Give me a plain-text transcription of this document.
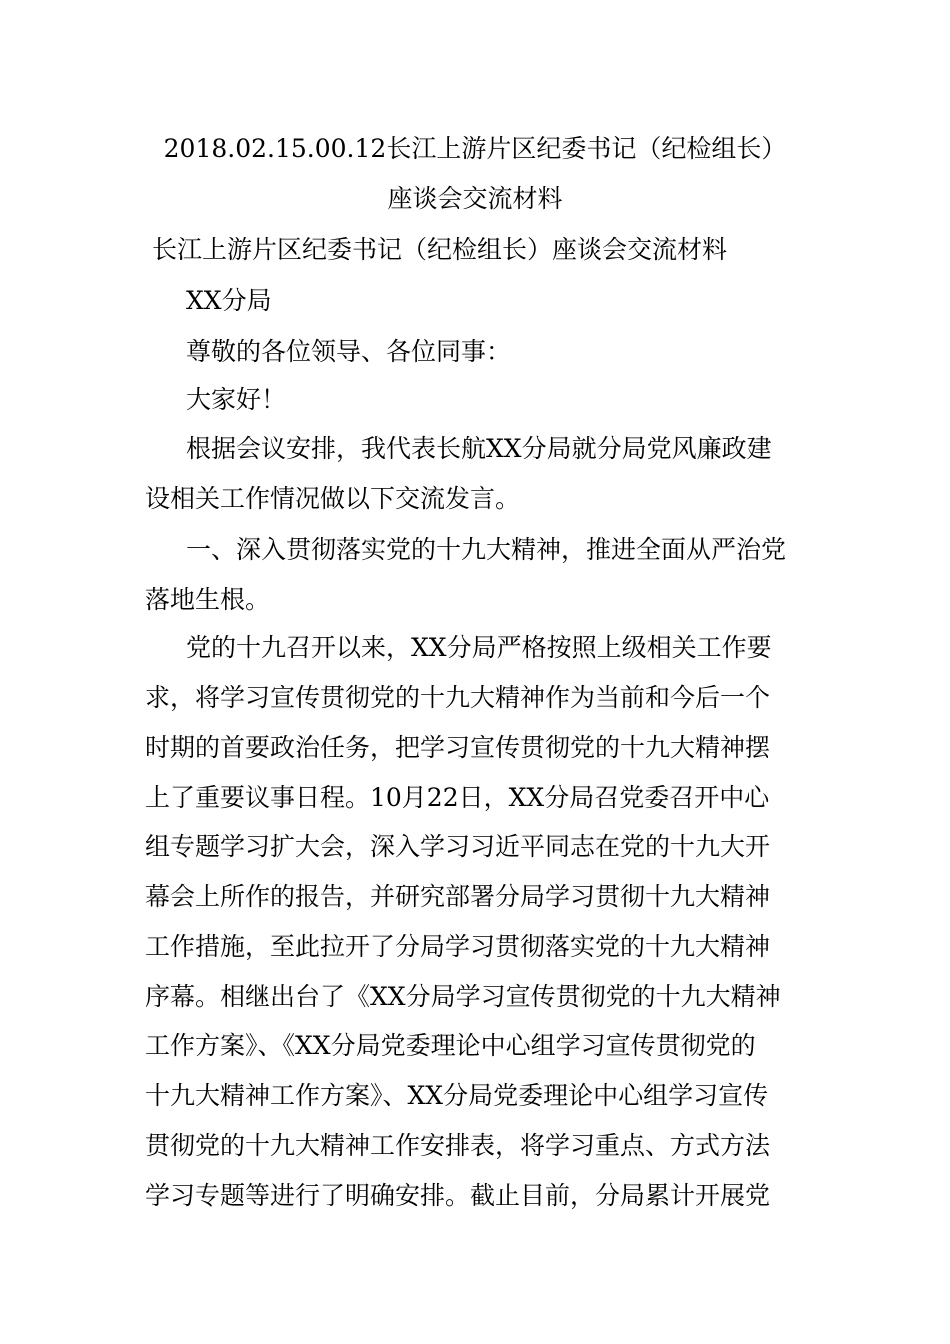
2018.02.15.00.12长江上游片区纪委书记（纪检组长）
座谈会交流材料
长江上游片区纪委书记（纪检组长）座谈会交流材料
XX分局
尊敬的各位领导、各位同事：
大家好！
根据会议安排，我代表长航XX分局就分局党风廉政建
设相关工作情况做以下交流发言。
一、深入贯彻落实党的十九大精神，推进全面从严治党
落地生根。
党的十九召开以来，XX分局严格按照上级相关工作要
求，将学习宣传贯彻党的十九大精神作为当前和今后一个
时期的首要政治任务，把学习宣传贯彻党的十九大精神摆
上了重要议事日程。10月22日，XX分局召党委召开中心
组专题学习扩大会，深入学习习近平同志在党的十九大开
幕会上所作的报告，并研究部署分局学习贯彻十九大精神
工作措施，至此拉开了分局学习贯彻落实党的十九大精神
序幕。相继出台了《XX分局学习宣传贯彻党的十九大精神
工作方案》、《XX分局党委理论中心组学习宣传贯彻党的
十九大精神工作方案》、XX分局党委理论中心组学习宣传
贯彻党的十九大精神工作安排表，将学习重点、方式方法
学习专题等进行了明确安排。截止目前，分局累计开展党
